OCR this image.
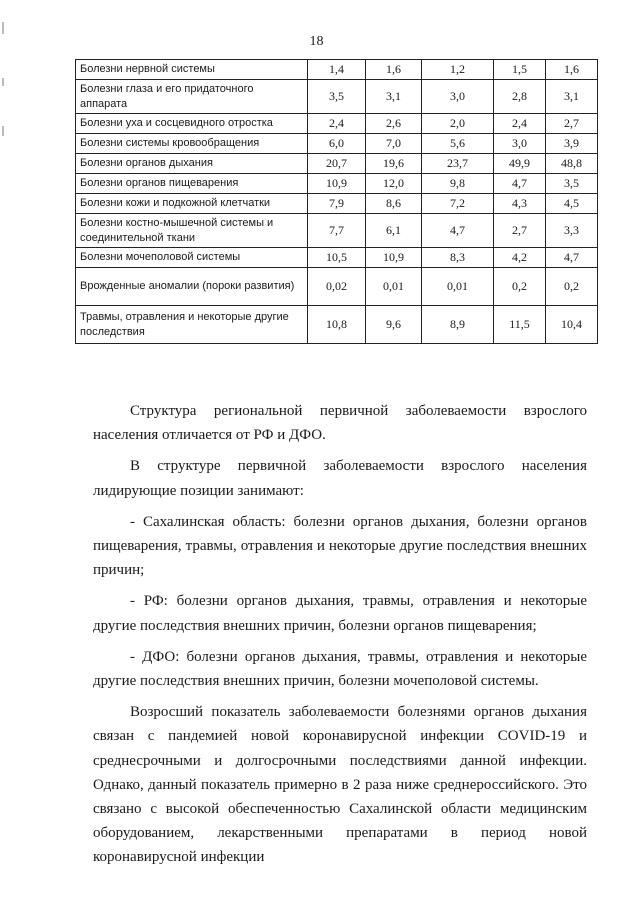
18
Болезни нервной системы	1,4	1,6	1,2	1,5	1,6
Болезни глаза и его придаточного аппарата	3,5	3,1	3,0	2,8	3,1
Болезни уха и сосцевидного отростка	2,4	2,6	2,0	2,4	2,7
Болезни системы кровообращения	6,0	7,0	5,6	3,0	3,9
Болезни органов дыхания	20,7	19,6	23,7	49,9	48,8
Болезни органов пищеварения	10,9	12,0	9,8	4,7	3,5
Болезни кожи и подкожной клетчатки	7,9	8,6	7,2	4,3	4,5
Болезни костно-мышечной системы и соединительной ткани	7,7	6,1	4,7	2,7	3,3
Болезни мочеполовой системы	10,5	10,9	8,3	4,2	4,7
Врожденные аномалии (пороки развития)	0,02	0,01	0,01	0,2	0,2
Травмы, отравления и некоторые другие последствия	10,8	9,6	8,9	11,5	10,4

Структура региональной первичной заболеваемости взрослого населения отличается от РФ и ДФО.

В структуре первичной заболеваемости взрослого населения лидирующие позиции занимают:

- Сахалинская область: болезни органов дыхания, болезни органов пищеварения, травмы, отравления и некоторые другие последствия внешних причин;

- РФ: болезни органов дыхания, травмы, отравления и некоторые другие последствия внешних причин, болезни органов пищеварения;

- ДФО: болезни органов дыхания, травмы, отравления и некоторые другие последствия внешних причин, болезни мочеполовой системы.

Возросший показатель заболеваемости болезнями органов дыхания связан с пандемией новой коронавирусной инфекции COVID-19 и среднесрочными и долгосрочными последствиями данной инфекции. Однако, данный показатель примерно в 2 раза ниже среднероссийского. Это связано с высокой обеспеченностью Сахалинской области медицинским оборудованием, лекарственными препаратами в период новой коронавирусной инфекции
